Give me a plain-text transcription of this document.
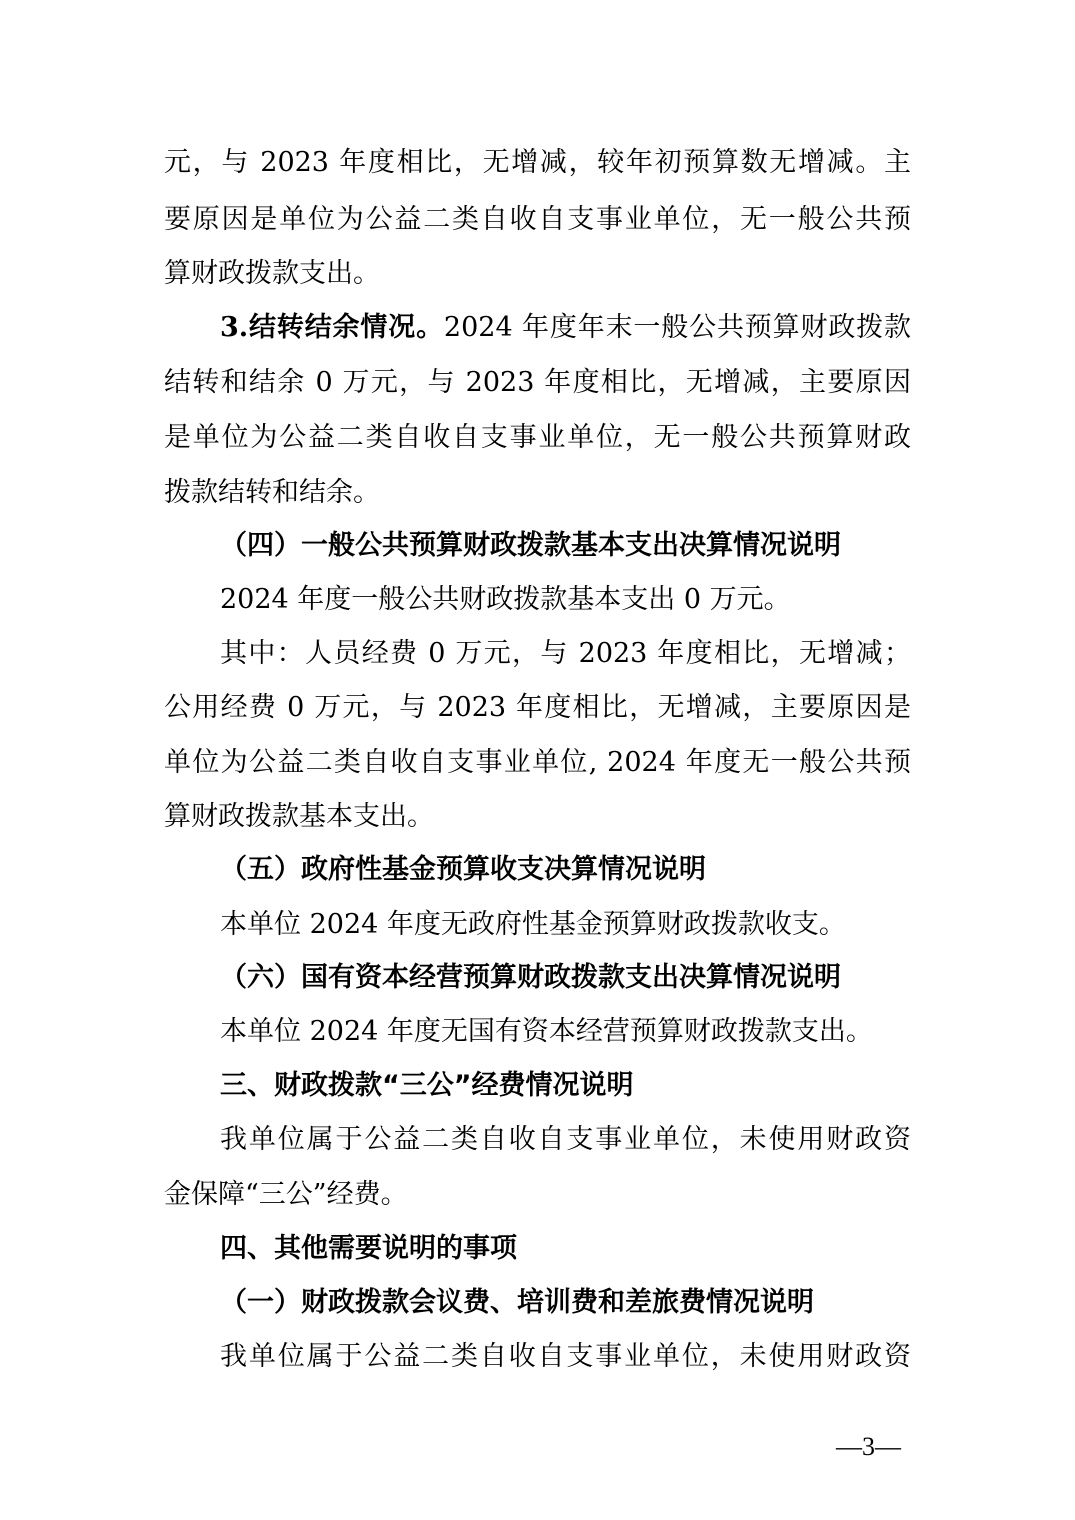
元，与 2023 年度相比，无增减，较年初预算数无增减。主
要原因是单位为公益二类自收自支事业单位，无一般公共预
算财政拨款支出。
3.结转结余情况。2024 年度年末一般公共预算财政拨款
结转和结余 0 万元，与 2023 年度相比，无增减，主要原因
是单位为公益二类自收自支事业单位，无一般公共预算财政
拨款结转和结余。
（四）一般公共预算财政拨款基本支出决算情况说明
2024 年度一般公共财政拨款基本支出 0 万元。
其中：人员经费 0 万元，与 2023 年度相比，无增减；
公用经费 0 万元，与 2023 年度相比，无增减，主要原因是
单位为公益二类自收自支事业单位, 2024 年度无一般公共预
算财政拨款基本支出。
（五）政府性基金预算收支决算情况说明
本单位 2024 年度无政府性基金预算财政拨款收支。
（六）国有资本经营预算财政拨款支出决算情况说明
本单位 2024 年度无国有资本经营预算财政拨款支出。
三、财政拨款“三公”经费情况说明
我单位属于公益二类自收自支事业单位，未使用财政资
金保障“三公”经费。
四、其他需要说明的事项
（一）财政拨款会议费、培训费和差旅费情况说明
我单位属于公益二类自收自支事业单位，未使用财政资
—3—
